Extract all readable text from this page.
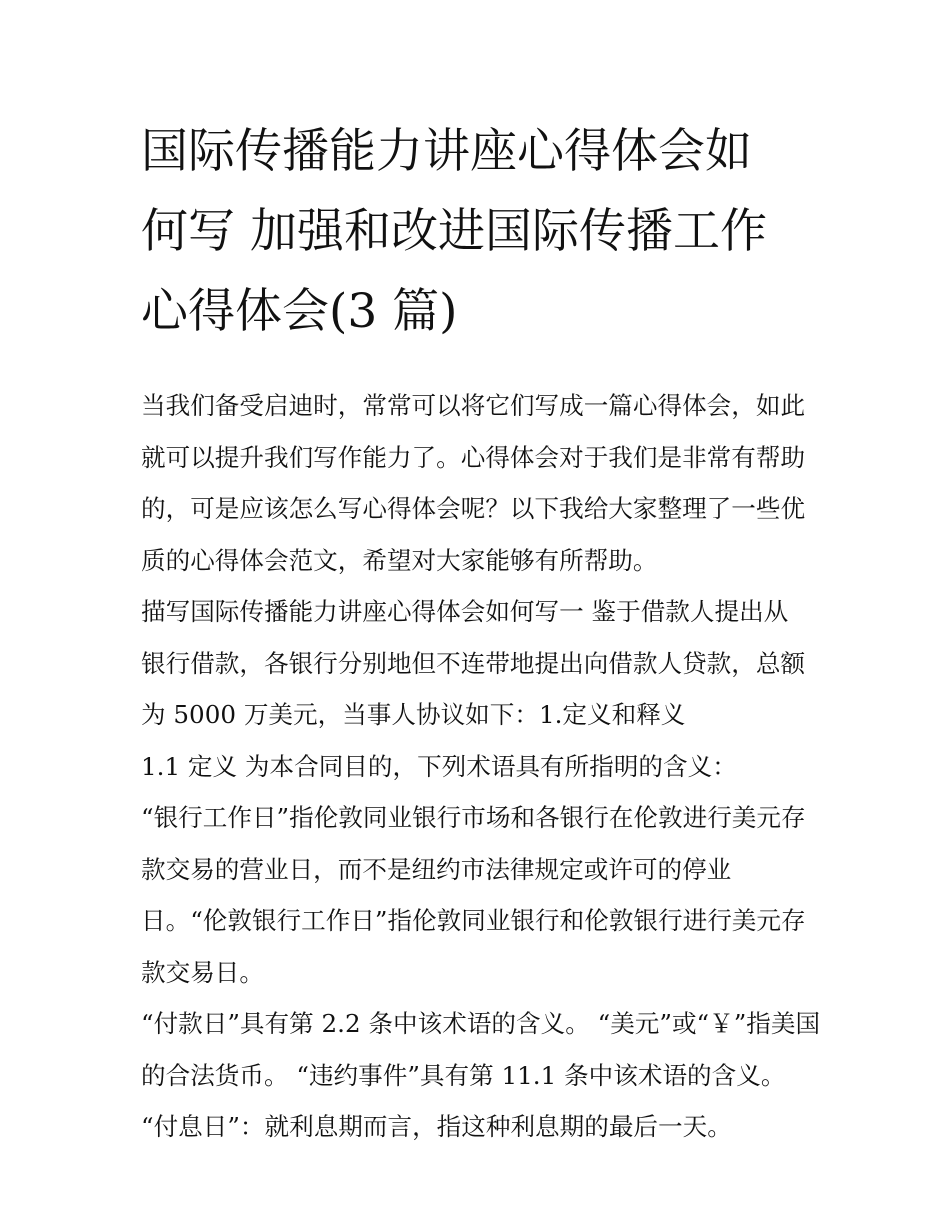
国际传播能力讲座心得体会如
何写 加强和改进国际传播工作
心得体会(3 篇)

当我们备受启迪时，常常可以将它们写成一篇心得体会，如此
就可以提升我们写作能力了。心得体会对于我们是非常有帮助
的，可是应该怎么写心得体会呢？以下我给大家整理了一些优
质的心得体会范文，希望对大家能够有所帮助。

描写国际传播能力讲座心得体会如何写一 鉴于借款人提出从
银行借款，各银行分别地但不连带地提出向借款人贷款，总额
为 5000 万美元，当事人协议如下：1.定义和释义

1.1 定义 为本合同目的，下列术语具有所指明的含义：

“银行工作日”指伦敦同业银行市场和各银行在伦敦进行美元存
款交易的营业日，而不是纽约市法律规定或许可的停业
日。“伦敦银行工作日”指伦敦同业银行和伦敦银行进行美元存
款交易日。

“付款日”具有第 2.2 条中该术语的含义。 “美元”或“￥”指美国
的合法货币。 “违约事件”具有第 11.1 条中该术语的含义。

“付息日”：就利息期而言，指这种利息期的最后一天。
